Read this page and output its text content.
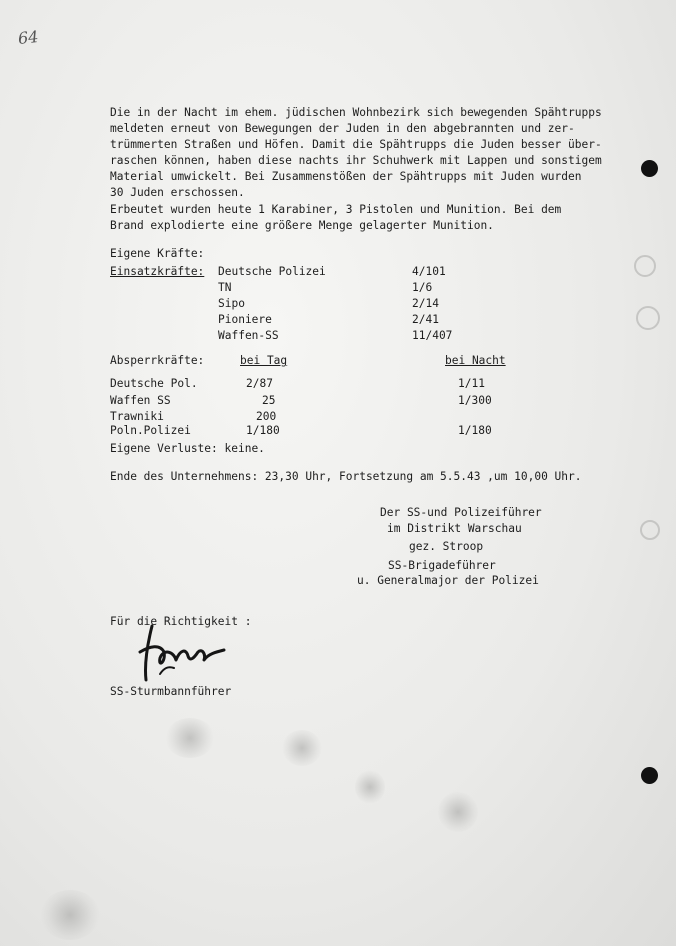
64
Die in der Nacht im ehem. jüdischen Wohnbezirk sich bewegenden Spähtrupps
meldeten erneut von Bewegungen der Juden in den abgebrannten und zer-
trümmerten Straßen und Höfen. Damit die Spähtrupps die Juden besser über-
raschen können, haben diese nachts ihr Schuhwerk mit Lappen und sonstigem
Material umwickelt. Bei Zusammenstößen der Spähtrupps mit Juden wurden
30 Juden erschossen.
Erbeutet wurden heute 1 Karabiner, 3 Pistolen und Munition. Bei dem
Brand explodierte eine größere Menge gelagerter Munition.
Eigene Kräfte:
Einsatzkräfte: Deutsche Polizei	4/101
TN	1/6
Sipo	2/14
Pioniere	2/41
Waffen-SS	11/407
Absperrkräfte:	bei Tag	bei Nacht
Deutsche Pol.	2/87	1/11
Waffen SS	25	1/300
Trawniki	200
Poln.Polizei	1/180	1/180
Eigene Verluste: keine.
Ende des Unternehmens: 23,30 Uhr, Fortsetzung am 5.5.43 ,um 10,00 Uhr.
Der SS-und Polizeiführer
im Distrikt Warschau
gez. Stroop
SS-Brigadeführer
u. Generalmajor der Polizei
Für die Richtigkeit :
SS-Sturmbannführer
